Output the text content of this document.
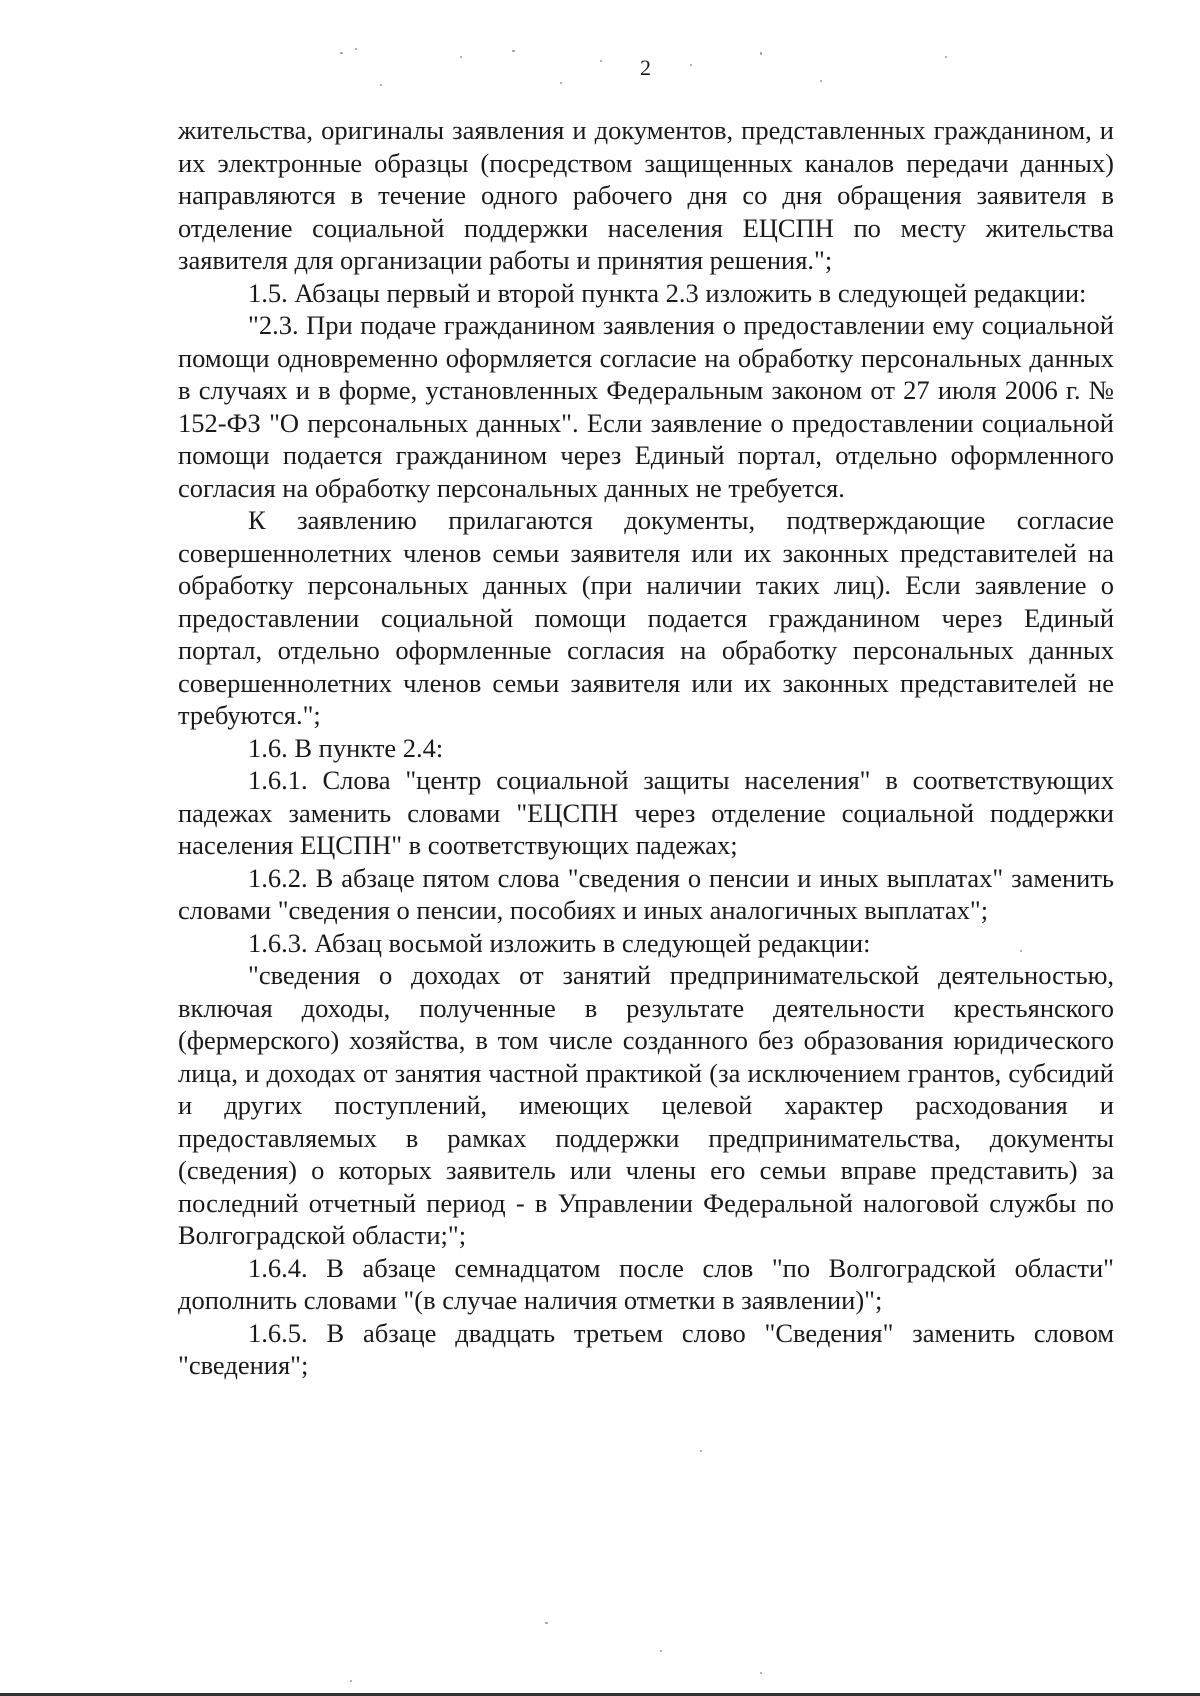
2

жительства, оригиналы заявления и документов, представленных гражданином, и их электронные образцы (посредством защищенных каналов передачи данных) направляются в течение одного рабочего дня со дня обращения заявителя в отделение социальной поддержки населения ЕЦСПН по месту жительства заявителя для организации работы и принятия решения.";

1.5. Абзацы первый и второй пункта 2.3 изложить в следующей редакции:

"2.3. При подаче гражданином заявления о предоставлении ему социальной помощи одновременно оформляется согласие на обработку персональных данных в случаях и в форме, установленных Федеральным законом от 27 июля 2006 г. № 152-ФЗ "О персональных данных". Если заявление о предоставлении социальной помощи подается гражданином через Единый портал, отдельно оформленного согласия на обработку персональных данных не требуется.

К заявлению прилагаются документы, подтверждающие согласие совершеннолетних членов семьи заявителя или их законных представителей на обработку персональных данных (при наличии таких лиц). Если заявление о предоставлении социальной помощи подается гражданином через Единый портал, отдельно оформленные согласия на обработку персональных данных совершеннолетних членов семьи заявителя или их законных представителей не требуются.";

1.6. В пункте 2.4:

1.6.1. Слова "центр социальной защиты населения" в соответствующих падежах заменить словами "ЕЦСПН через отделение социальной поддержки населения ЕЦСПН" в соответствующих падежах;

1.6.2. В абзаце пятом слова "сведения о пенсии и иных выплатах" заменить словами "сведения о пенсии, пособиях и иных аналогичных выплатах";

1.6.3. Абзац восьмой изложить в следующей редакции:

"сведения о доходах от занятий предпринимательской деятельностью, включая доходы, полученные в результате деятельности крестьянского (фермерского) хозяйства, в том числе созданного без образования юридического лица, и доходах от занятия частной практикой (за исключением грантов, субсидий и других поступлений, имеющих целевой характер расходования и предоставляемых в рамках поддержки предпринимательства, документы (сведения) о которых заявитель или члены его семьи вправе представить) за последний отчетный период - в Управлении Федеральной налоговой службы по Волгоградской области;";

1.6.4. В абзаце семнадцатом после слов "по Волгоградской области" дополнить словами "(в случае наличия отметки в заявлении)";

1.6.5. В абзаце двадцать третьем слово "Сведения" заменить словом "сведения";
